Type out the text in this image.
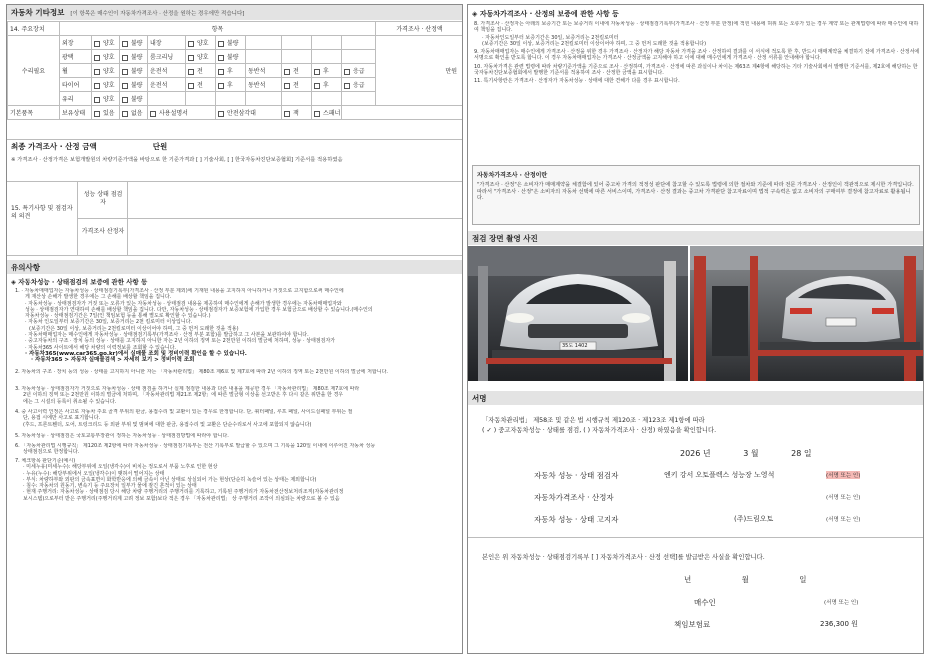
자동차 기타정보 [이 항목은 매수인이 자동차가격조사 · 산정을 원하는 경우에만 적습니다]
14. 주요장치	항목										가격조사 · 산정액
수리필요	외장	양호	불량	내장	양호	불량					만원
	광택	양호	불량	룸크리닝	양호	불량					
	휠	양호	불량	운전석	전	후	동반석	전	후	응급	
	타이어	양호	불량	운전석	전	후	동반석	전	후	응급	
	유리	양호	불량								
기본품목	보유상태	있음	없음	사용설명서		안전삼각대		잭	스패너		
최종 가격조사 · 산정 금액	단원
※ 가격조사 · 산정가격은 보험개발원의 차량기준가액을 바탕으로 한 기준가격과 [ ] 기술사회, [ ] 한국자동차진단보증협회] 기준서를 적용하였음
15. 특기사항 및 점검자의 의견
성능 상태 점검자
가격조사 산정자
유의사항
◈ 자동차성능 · 상태점검의 보증에 관한 사항 등
1. · 자동차매매업자는 자동차성능 · 상태점검기록부(가격조사 · 산정 부분 제외)에 기재된 내용을 고지하지 아니하거나 거짓으로 고지함으로써 매수인에
게 재산상 손해가 발생한 경우에는 그 손해를 배상할 책임을 집니다.
· 자동차성능 · 상태점검자가 거짓 또는 오류가 있는 자동차성능 · 상태점검 내용을 제공하여 매수인에게 손해가 발생한 경우에는 자동차매매업자와
성능 · 상태점검자가 연대하여 손해를 배상할 책임을 집니다. 다만, 자동차성능 · 상태점검자가 보증보험에 가입한 경우 보험금으로 배상할 수 있습니다.(매수인의
자동차성능 · 상태점검기간은 7일(인 책임보험 등을 통해 별도로 확인할 수 있습니다.)
· 자동차 인도일부터 보증기간은 30일, 보증거리는 2천 킬로미터 이상입니다.
(보증기간은 30일 이상, 보증거리는 2천킬로미터 이상이어야 하며, 그 중 먼저 도래한 것을 적용)
· 자동차매매업자는 매수인에게 자동차성능 · 상태점검기록부(가격조사 · 산정 부분 포함)를 발급하고 그 사본을 보관하여야 합니다.
· 중고자동차의 구조 · 장치 등의 성능 · 상태를 고지하지 아니한 자는 2년 이하의 징역 또는 2천만원 이하의 벌금에 처하며, 성능 · 상태점검자가
· 자동차365 사이트에서 해당 차량의 이력정보를 조회할 수 있습니다.
· 자동차365(www.car365.go.kr)에서 실매물 조회 및 정비이력 확인을 할 수 있습니다.
· 자동차365 > 자동차 실매물검색 > 자세히 보기 > 정비이력 조회
2. 자동차의 구조 · 장치 등의 성능 · 상태를 고지하지 아니한 자는 「자동차관리법」 제80조 제6호 및 제7호에 따라 2년 이하의 징역 또는 2천만원 이하의 벌금에 처합니다.
3. 자동차성능 · 상태점검자가 거짓으로 자동차성능 · 상태 점검을 하거나 실제 점검한 내용과 다른 내용을 제공한 경우 「자동차관리법」 제80조 제7호에 따라
2년 이하의 징역 또는 2천만원 이하의 벌금에 처하며, 「자동차관리법 제21조 제2항」에 따른 벌금형 이상을 선고받은 후 다시 같은 위반을 한 경우
에는 그 시설의 등록이 취소될 수 있습니다.
4. 중 사고이력 인정은 사고로 자동차 주요 골격 부위의 판금, 용접수리 및 교환이 있는 경우로 한정합니다. 단, 쿼터패널, 루프 패널, 사이드실패널 부위는 절
단, 용접 시에만 사고로 표기합니다.
(후드, 프론트휀더, 도어, 트렁크리드 등 외판 부위 및 범퍼에 대한 판금, 용접수리 및 교환은 단순수리로서 사고에 포함되지 않습니다)
5. 자동차성능 · 상태점검은 국토교통부장관이 정하는 자동차성능 · 상태점검방법에 따라야 합니다.
6. 「자동차관리법 시행규칙」 제120조 제2항에 따라 자동차성능 · 상태점검기록부는 전산 기록부로 발급할 수 있으며 그 기록을 120일 이내에 이루어진 자동차 성능
상태점검으로 한정합니다.
7. 체크항목 판단기준(예시)
· 미세누유(미세누수): 해당부위에 오일(냉각수)이 비치는 정도로서 부품 노후로 인한 현상
· 누유(누수): 해당부위에서 오일(냉각수)이 맺혀서 떨어지는 상태
· 부식: 차량하부와 외판의 금속표면이 화학반응에 의해 금속이 아닌 상태로 상실되어 가는 현상(단순히 녹슬어 있는 상태는 제외합니다)
· 침수: 자동차의 원동기, 변속기 등 주요장치 일부가 물에 잠긴 흔적이 있는 상태
· 현재 주행거리: 자동차성능 · 상태점검 당시 해당 차량 주행거리의 주행거리를 기록하고, 기록된 주행거리가 자동차전산정보처리조직(자동차관리정
보시스템)으로부터 받은 주행거리(주행거리계 고려 정보 포함)보다 적은 경우 「자동차관리법」 상 주행거리 조작이 의심되는 차량으로 볼 수 있음
◈ 자동차가격조사 · 산정의 보증에 관한 사항 등
8. 가격조사 · 산정자는 아래의 보증기간 또는 보증거리 이내에 자동차성능 · 상태점검기록부(가격조사 · 산정 부분 한정)에 적힌 내용에 허위 또는 오류가 있는 경우 계약 또는 관계법령에 따라 매수인에 대하여 책임을 집니다.
· 자동차인도일부터 보증기간은 30일, 보증거리는 2천킬로미터
(보증기간은 30일 이상, 보증거리는 2천킬로미터 이상이어야 하며, 그 중 먼저 도래한 것을 적용합니다)
9. 자동차매매업자는 매수인에게 가격조사 · 산정을 위한 경우 가격조사 · 산정자가 해당 자동차 가격을 조사 · 산정하여 결과를 이 서식에 적도록 한 후, 반드시 매매계약을 체결하기 전에 가격조사 · 산정서에 서명으로 확인을 받도록 합니다. 이 경우 자동차매매업자는 가격조사 · 산정금액을 고지해야 하고 이에 대해 매수인에게 가격조사 · 산정 서류를 안내해야 합니다.
10. 자동차가격은 관련 법령에 따라 차량기준가액을 기준으로 조사 · 산정하며, 가격조사 · 산정에 따른 과실이나 차이는 제63조 제4항에 해당하는 기타 기술사회에서 발행한 기준서를, 제2호에 해당하는 한국자동차진단보증협회에서 발행한 기준서를 적용하여 조사 · 산정한 금액을 표시합니다.
11. 특기사항란은 가격조사 · 산정자가 자동차성능 · 상태에 대한 견해가 다를 경우 표시합니다.
자동차가격조사 · 산정이란
"가격조사 · 산정"은 소비자가 매매계약을 체결함에 있어 중고차 가격의 적정성 판단에 참고할 수 있도록 법령에 의한 절차와 기준에 따라 전문 가격조사 · 산정인이 객관적으로 제시한 가격입니다. 따라서 "가격조사 · 산정"은 소비자의 자동차 선택에 따른 서비스이며, 가격조사 · 산정 결과는 중고차 가격판단 참고자료이며 법적 구속력은 없고 소비자의 구매여부 결정에 참고자료로 활용됩니다.
점검 장면 촬영 사진
35도 1402
서명
「자동차관리법」 제58조 및 같은 법 시행규칙 제120조 · 제123조 제1항에 따라
( ✓ ) 중고자동차성능 · 상태를 점검, ( ) 자동차가격조사 · 산정) 하였음을 확인합니다.
2026 년	3 월	28 일
자동차 성능 · 상태 점검자	엔키 강서 오토플렉스 성능장 노영석	(서명 또는 인)
자동차가격조사 · 산정자	(서명 또는 인)
자동차 성능 · 상태 고지자	(주)드림오토	(서명 또는 인)
본인은 위 자동차성능 · 상태점검기록부 [ ] 자동차가격조사 · 산정 선택]를 발급받은 사실을 확인합니다.
년	월	일
매수인	(서명 또는 인)
책임보험료	236,300 원
